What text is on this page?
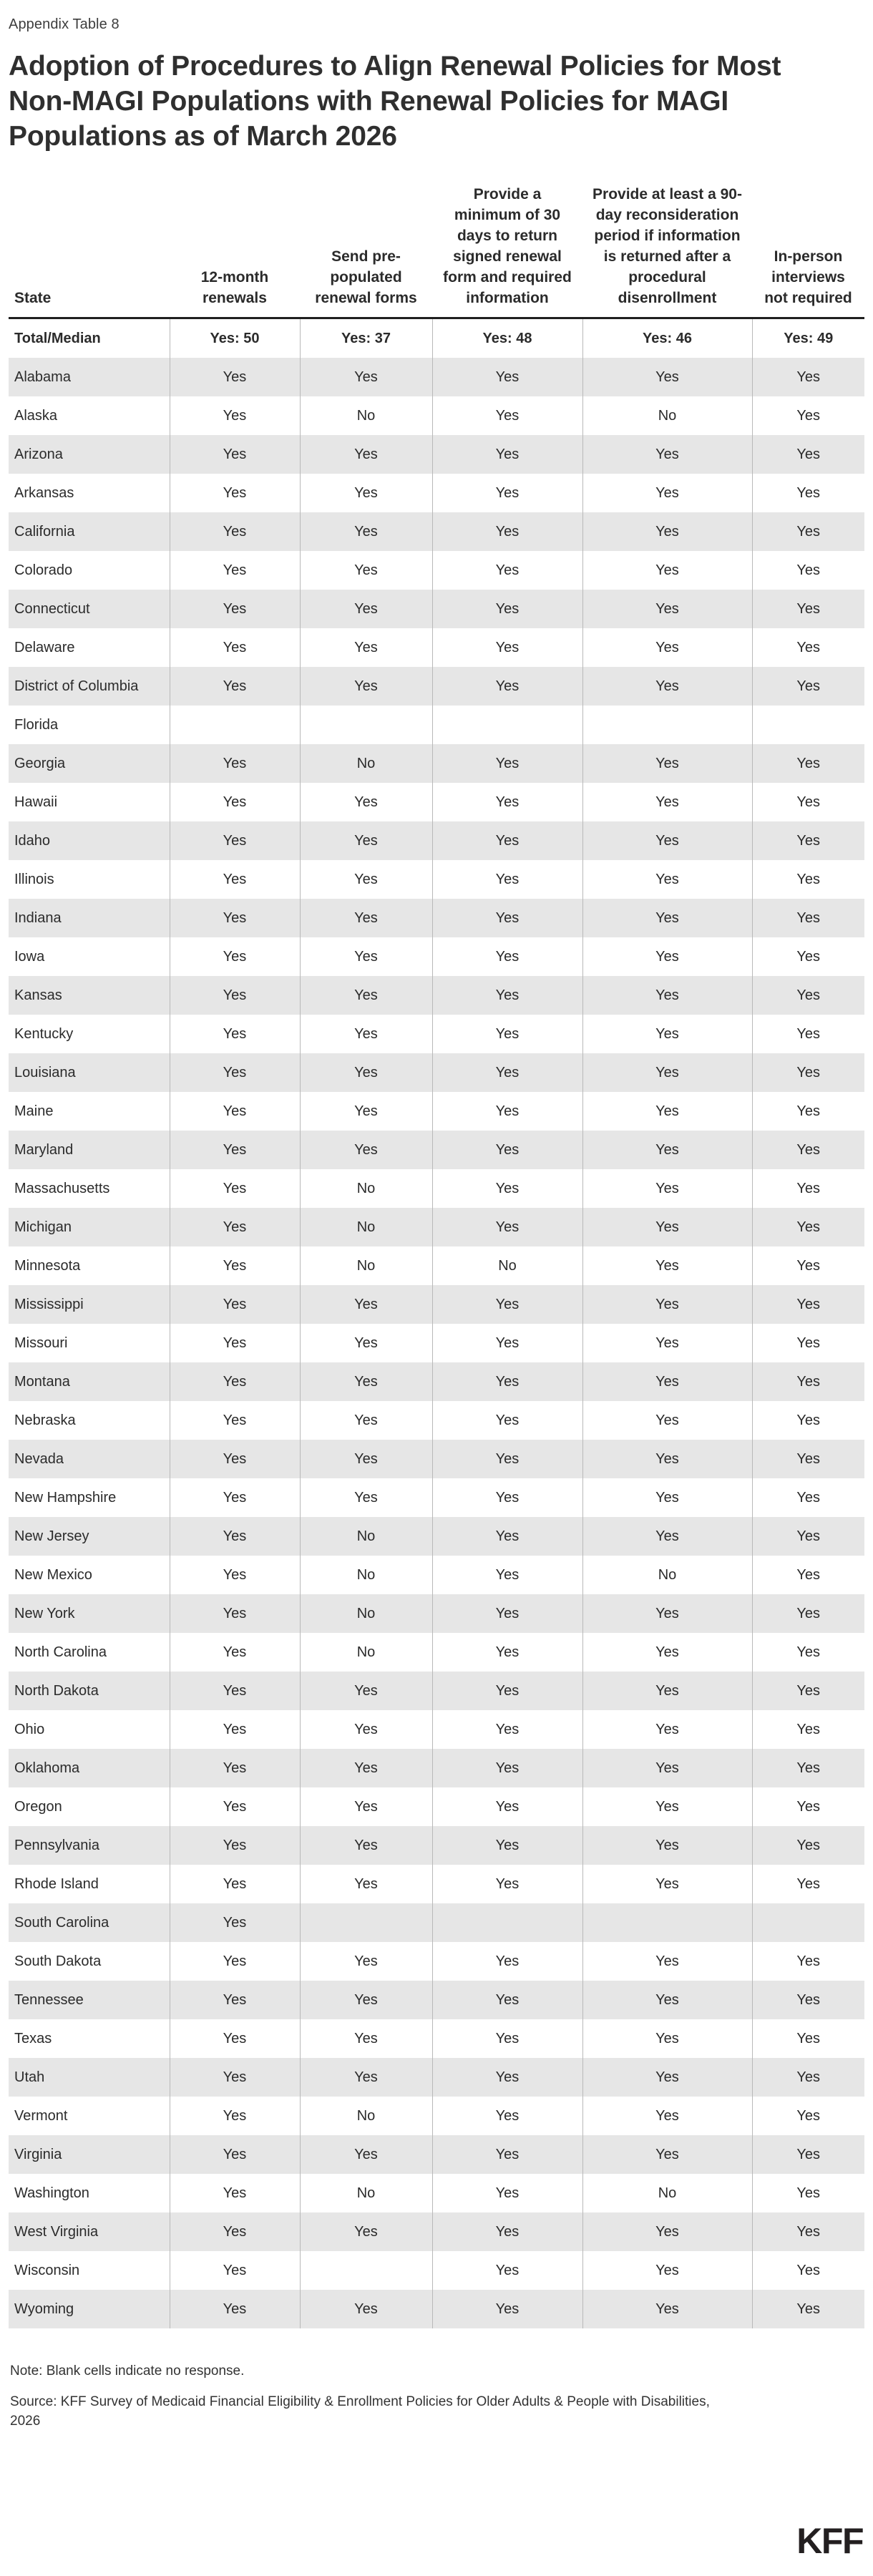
Appendix Table 8
Adoption of Procedures to Align Renewal Policies for Most Non-MAGI Populations with Renewal Policies for MAGI Populations as of March 2026
State	12-month renewals	Send pre-populated renewal forms	Provide a minimum of 30 days to return signed renewal form and required information	Provide at least a 90-day reconsideration period if information is returned after a procedural disenrollment	In-person interviews not required
Total/Median	Yes: 50	Yes: 37	Yes: 48	Yes: 46	Yes: 49
Alabama	Yes	Yes	Yes	Yes	Yes
Alaska	Yes	No	Yes	No	Yes
Arizona	Yes	Yes	Yes	Yes	Yes
Arkansas	Yes	Yes	Yes	Yes	Yes
California	Yes	Yes	Yes	Yes	Yes
Colorado	Yes	Yes	Yes	Yes	Yes
Connecticut	Yes	Yes	Yes	Yes	Yes
Delaware	Yes	Yes	Yes	Yes	Yes
District of Columbia	Yes	Yes	Yes	Yes	Yes
Florida					
Georgia	Yes	No	Yes	Yes	Yes
Hawaii	Yes	Yes	Yes	Yes	Yes
Idaho	Yes	Yes	Yes	Yes	Yes
Illinois	Yes	Yes	Yes	Yes	Yes
Indiana	Yes	Yes	Yes	Yes	Yes
Iowa	Yes	Yes	Yes	Yes	Yes
Kansas	Yes	Yes	Yes	Yes	Yes
Kentucky	Yes	Yes	Yes	Yes	Yes
Louisiana	Yes	Yes	Yes	Yes	Yes
Maine	Yes	Yes	Yes	Yes	Yes
Maryland	Yes	Yes	Yes	Yes	Yes
Massachusetts	Yes	No	Yes	Yes	Yes
Michigan	Yes	No	Yes	Yes	Yes
Minnesota	Yes	No	No	Yes	Yes
Mississippi	Yes	Yes	Yes	Yes	Yes
Missouri	Yes	Yes	Yes	Yes	Yes
Montana	Yes	Yes	Yes	Yes	Yes
Nebraska	Yes	Yes	Yes	Yes	Yes
Nevada	Yes	Yes	Yes	Yes	Yes
New Hampshire	Yes	Yes	Yes	Yes	Yes
New Jersey	Yes	No	Yes	Yes	Yes
New Mexico	Yes	No	Yes	No	Yes
New York	Yes	No	Yes	Yes	Yes
North Carolina	Yes	No	Yes	Yes	Yes
North Dakota	Yes	Yes	Yes	Yes	Yes
Ohio	Yes	Yes	Yes	Yes	Yes
Oklahoma	Yes	Yes	Yes	Yes	Yes
Oregon	Yes	Yes	Yes	Yes	Yes
Pennsylvania	Yes	Yes	Yes	Yes	Yes
Rhode Island	Yes	Yes	Yes	Yes	Yes
South Carolina	Yes				
South Dakota	Yes	Yes	Yes	Yes	Yes
Tennessee	Yes	Yes	Yes	Yes	Yes
Texas	Yes	Yes	Yes	Yes	Yes
Utah	Yes	Yes	Yes	Yes	Yes
Vermont	Yes	No	Yes	Yes	Yes
Virginia	Yes	Yes	Yes	Yes	Yes
Washington	Yes	No	Yes	No	Yes
West Virginia	Yes	Yes	Yes	Yes	Yes
Wisconsin	Yes		Yes	Yes	Yes
Wyoming	Yes	Yes	Yes	Yes	Yes
Note: Blank cells indicate no response.
Source: KFF Survey of Medicaid Financial Eligibility & Enrollment Policies for Older Adults & People with Disabilities, 2026
KFF
